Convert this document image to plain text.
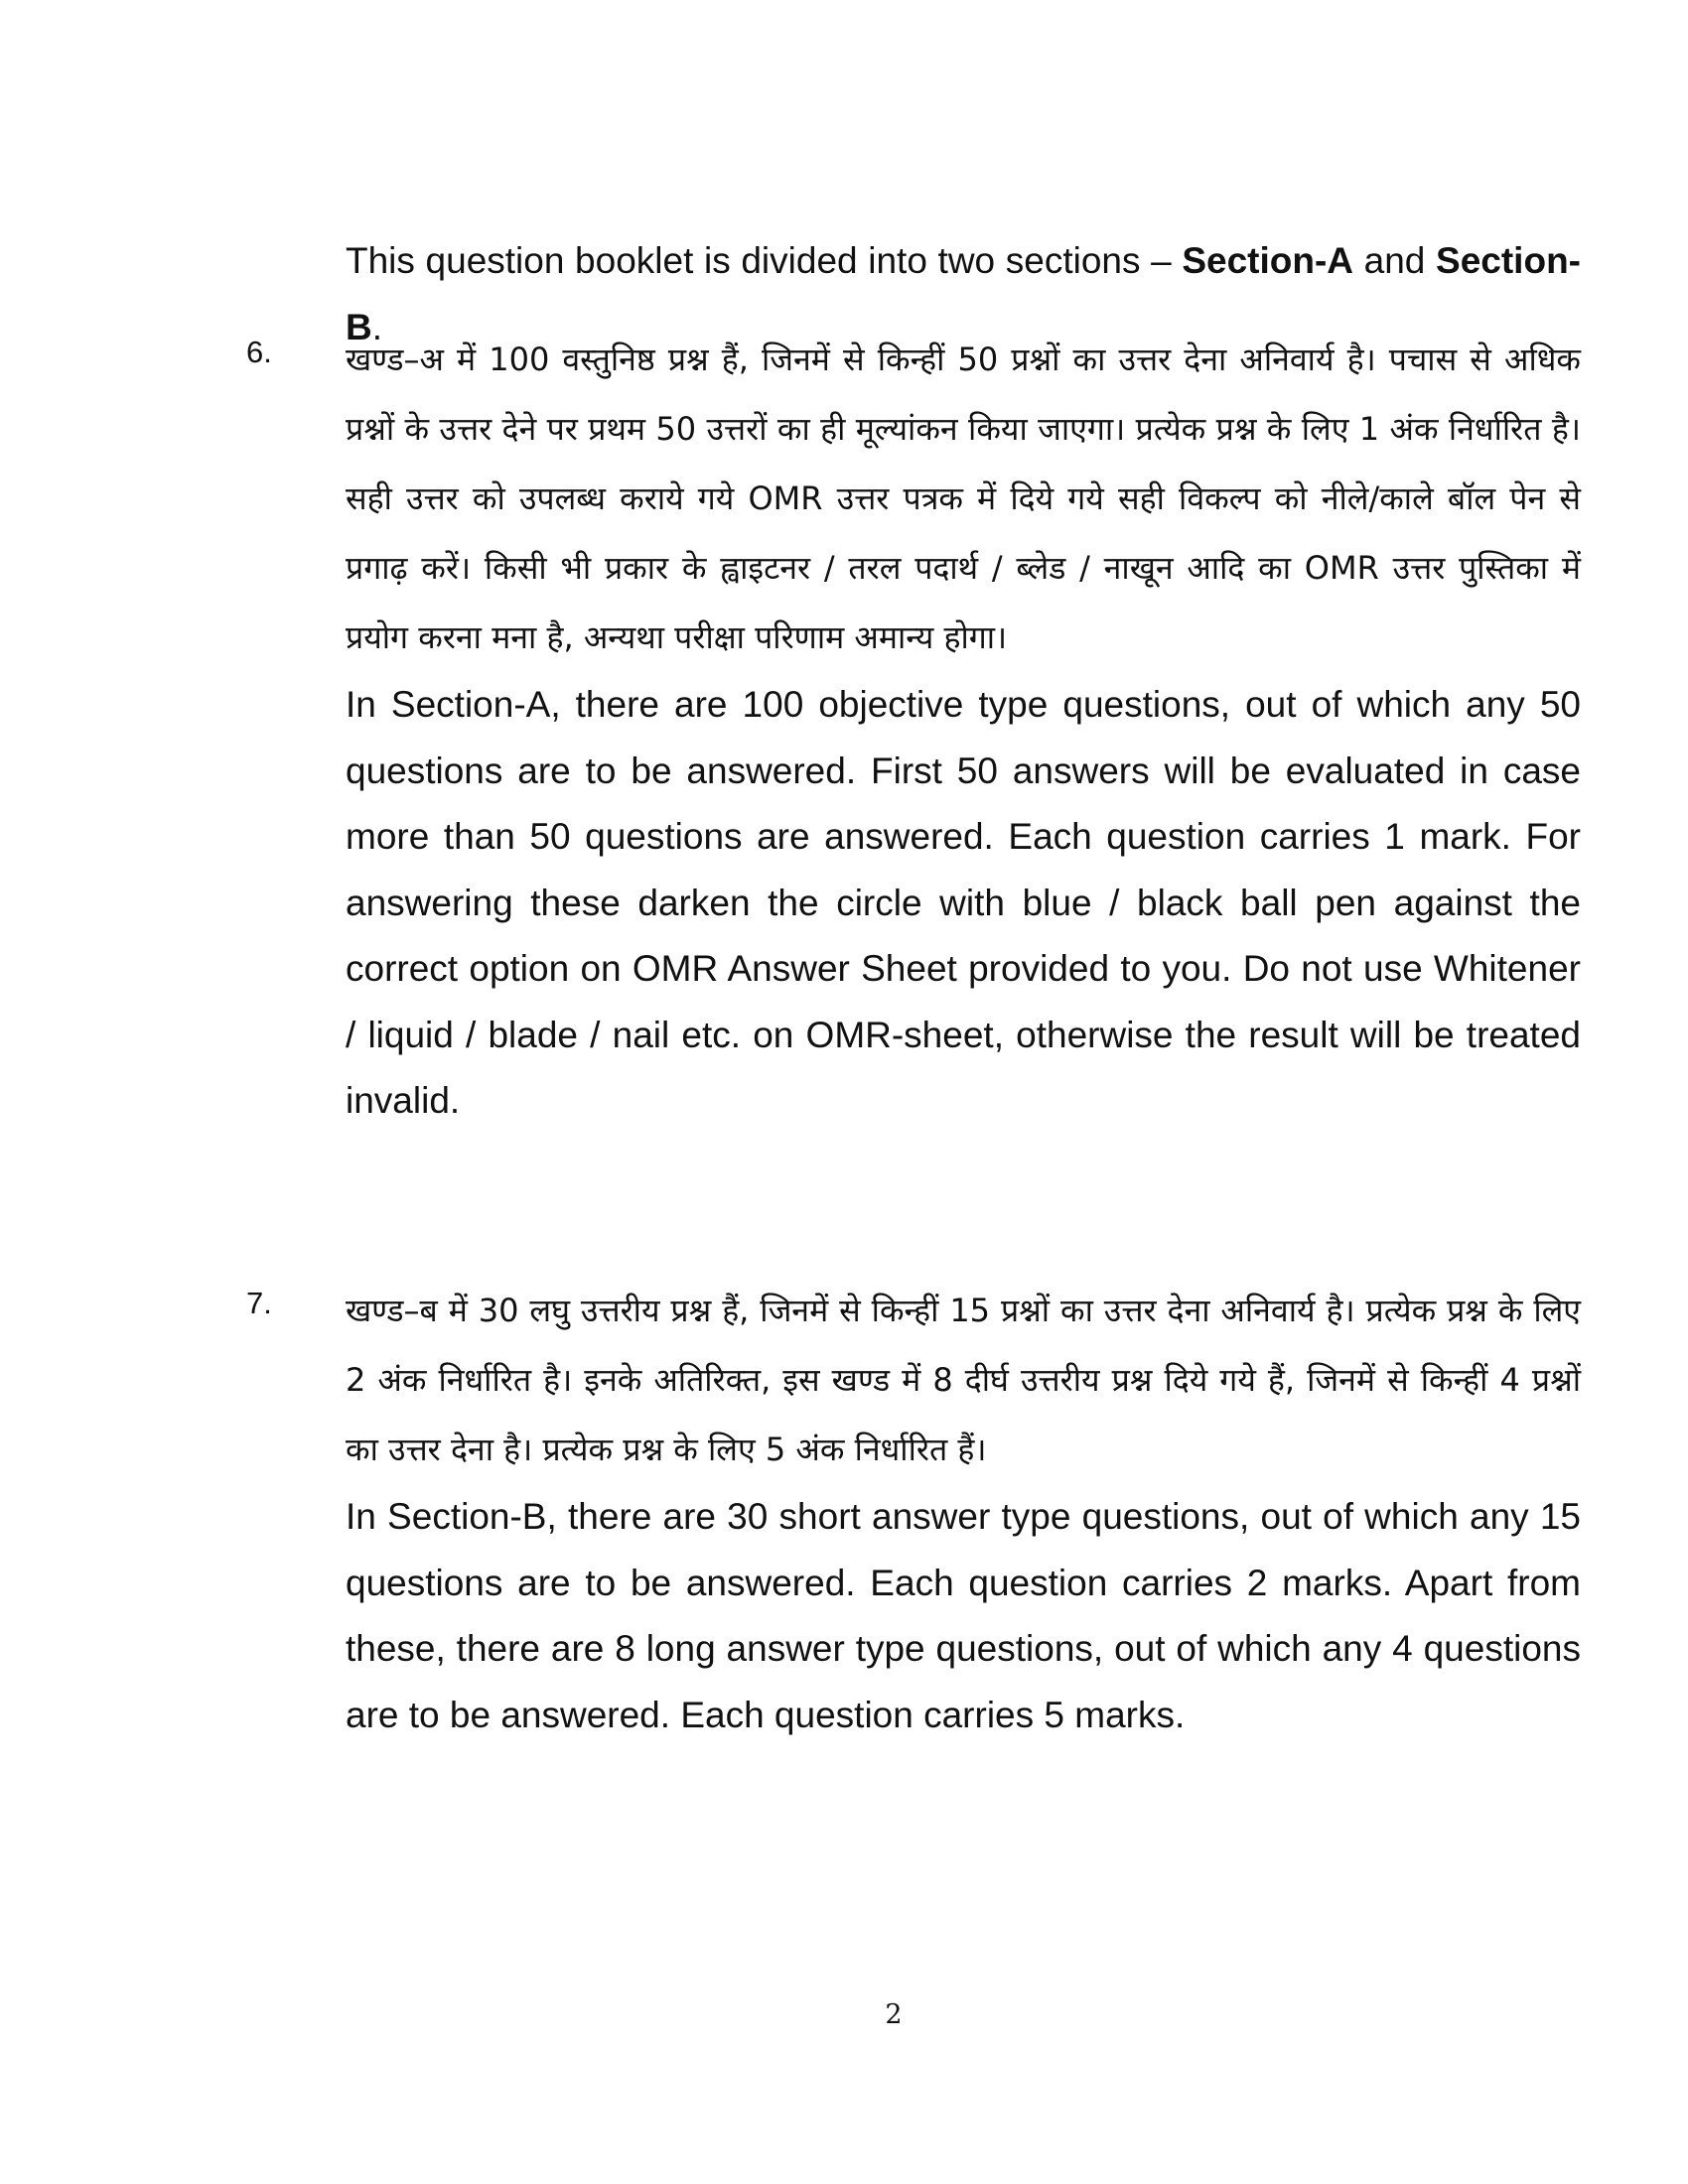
This question booklet is divided into two sections – Section-A and Section-B.

6. खण्ड–अ में 100 वस्तुनिष्ठ प्रश्न हैं, जिनमें से किन्हीं 50 प्रश्नों का उत्तर देना अनिवार्य है। पचास से अधिक प्रश्नों के उत्तर देने पर प्रथम 50 उत्तरों का ही मूल्यांकन किया जाएगा। प्रत्येक प्रश्न के लिए 1 अंक निर्धारित है। सही उत्तर को उपलब्ध कराये गये OMR उत्तर पत्रक में दिये गये सही विकल्प को नीले/काले बॉल पेन से प्रगाढ़ करें। किसी भी प्रकार के ह्वाइटनर / तरल पदार्थ / ब्लेड / नाखून आदि का OMR उत्तर पुस्तिका में प्रयोग करना मना है, अन्यथा परीक्षा परिणाम अमान्य होगा।

In Section-A, there are 100 objective type questions, out of which any 50 questions are to be answered. First 50 answers will be evaluated in case more than 50 questions are answered. Each question carries 1 mark. For answering these darken the circle with blue / black ball pen against the correct option on OMR Answer Sheet provided to you. Do not use Whitener / liquid / blade / nail etc. on OMR-sheet, otherwise the result will be treated invalid.

7. खण्ड–ब में 30 लघु उत्तरीय प्रश्न हैं, जिनमें से किन्हीं 15 प्रश्नों का उत्तर देना अनिवार्य है। प्रत्येक प्रश्न के लिए 2 अंक निर्धारित है। इनके अतिरिक्त, इस खण्ड में 8 दीर्घ उत्तरीय प्रश्न दिये गये हैं, जिनमें से किन्हीं 4 प्रश्नों का उत्तर देना है। प्रत्येक प्रश्न के लिए 5 अंक निर्धारित हैं।

In Section-B, there are 30 short answer type questions, out of which any 15 questions are to be answered. Each question carries 2 marks. Apart from these, there are 8 long answer type questions, out of which any 4 questions are to be answered. Each question carries 5 marks.

2
